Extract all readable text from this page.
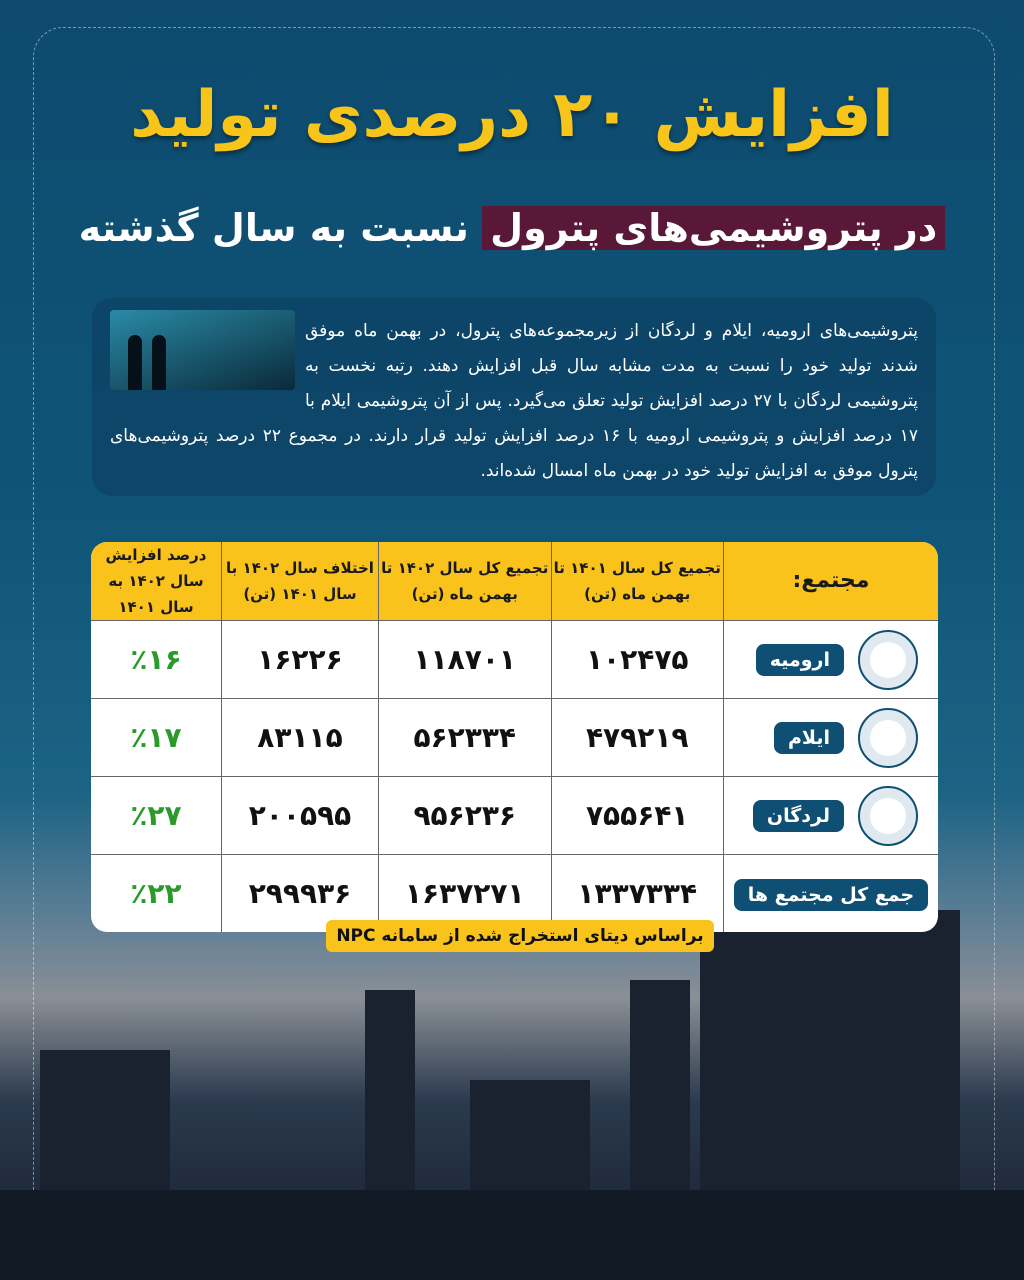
افزایش ۲۰ درصدی تولید
در پتروشیمی‌های پترول نسبت به سال گذشته
پتروشیمی‌های ارومیه، ایلام و لردگان از زیرمجموعه‌های پترول، در بهمن ماه موفق شدند تولید خود را نسبت به مدت مشابه سال قبل افزایش دهند. رتبه نخست به پتروشیمی لردگان با ۲۷ درصد افزایش تولید تعلق می‌گیرد. پس از آن پتروشیمی ایلام با ۱۷ درصد افزایش و پتروشیمی ارومیه با ۱۶ درصد افزایش تولید قرار دارند. در مجموع ۲۲ درصد پتروشیمی‌های پترول موفق به افزایش تولید خود در بهمن ماه امسال شده‌اند.
مجتمع:	تجمیع کل سال ۱۴۰۱ تا بهمن ماه (تن)	تجمیع کل سال ۱۴۰۲ تا بهمن ماه (تن)	اختلاف سال ۱۴۰۲ با سال ۱۴۰۱ (تن)	درصد افزایش سال ۱۴۰۲ به سال ۱۴۰۱
ارومیه	۱۰۲۴۷۵	۱۱۸۷۰۱	۱۶۲۲۶	٪۱۶
ایلام	۴۷۹۲۱۹	۵۶۲۳۳۴	۸۳۱۱۵	٪۱۷
لردگان	۷۵۵۶۴۱	۹۵۶۲۳۶	۲۰۰۵۹۵	٪۲۷
جمع کل مجتمع ها	۱۳۳۷۳۳۴	۱۶۳۷۲۷۱	۲۹۹۹۳۶	٪۲۲
براساس دیتای استخراج شده از سامانه NPC
